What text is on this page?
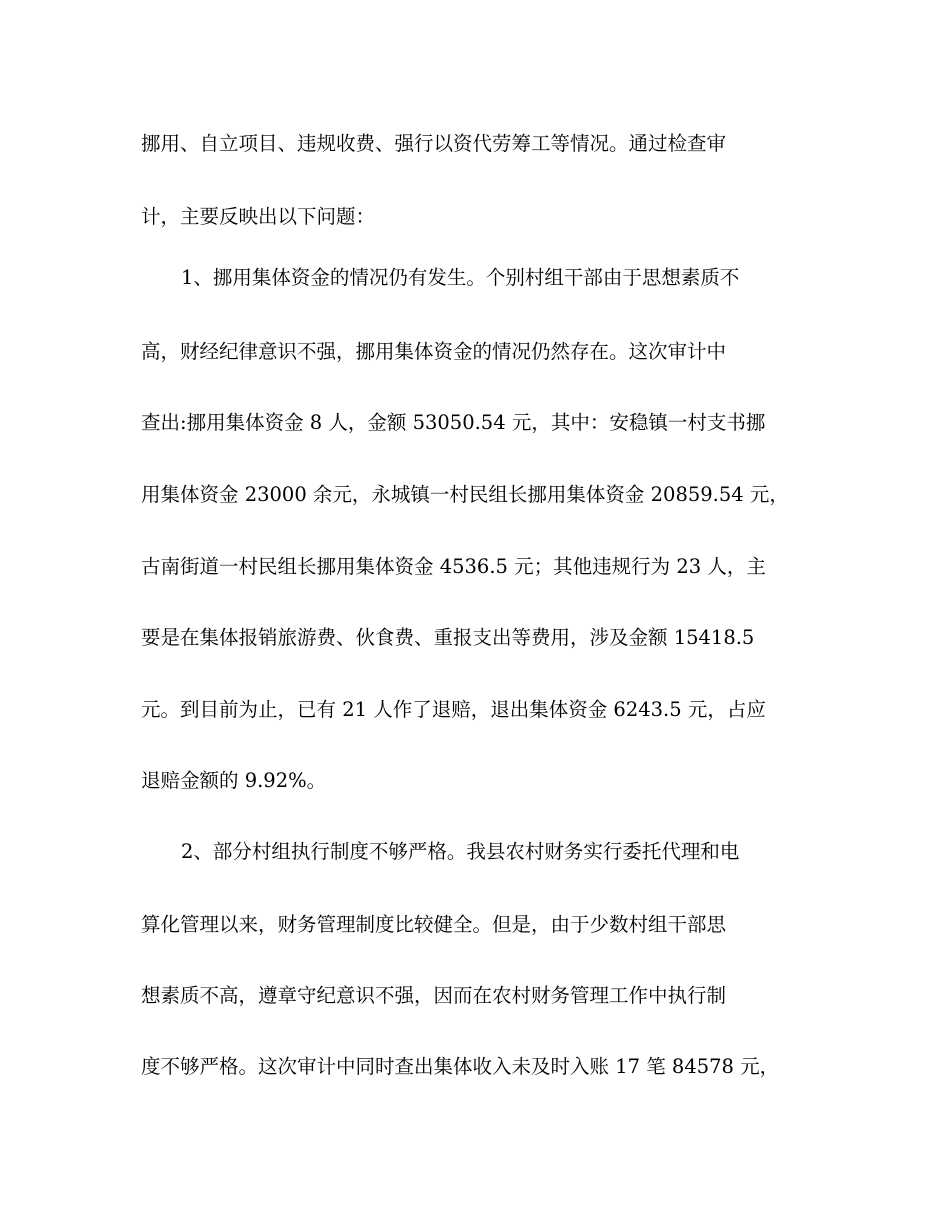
挪用、自立项目、违规收费、强行以资代劳筹工等情况。通过检查审
计，主要反映出以下问题：
1、挪用集体资金的情况仍有发生。个别村组干部由于思想素质不
高，财经纪律意识不强，挪用集体资金的情况仍然存在。这次审计中
查出:挪用集体资金 8 人，金额 53050.54 元，其中：安稳镇一村支书挪
用集体资金 23000 余元，永城镇一村民组长挪用集体资金 20859.54 元，
古南街道一村民组长挪用集体资金 4536.5 元；其他违规行为 23 人，主
要是在集体报销旅游费、伙食费、重报支出等费用，涉及金额 15418.5
元。到目前为止，已有 21 人作了退赔，退出集体资金 6243.5 元，占应
退赔金额的 9.92%。
2、部分村组执行制度不够严格。我县农村财务实行委托代理和电
算化管理以来，财务管理制度比较健全。但是，由于少数村组干部思
想素质不高，遵章守纪意识不强，因而在农村财务管理工作中执行制
度不够严格。这次审计中同时查出集体收入未及时入账 17 笔 84578 元，
